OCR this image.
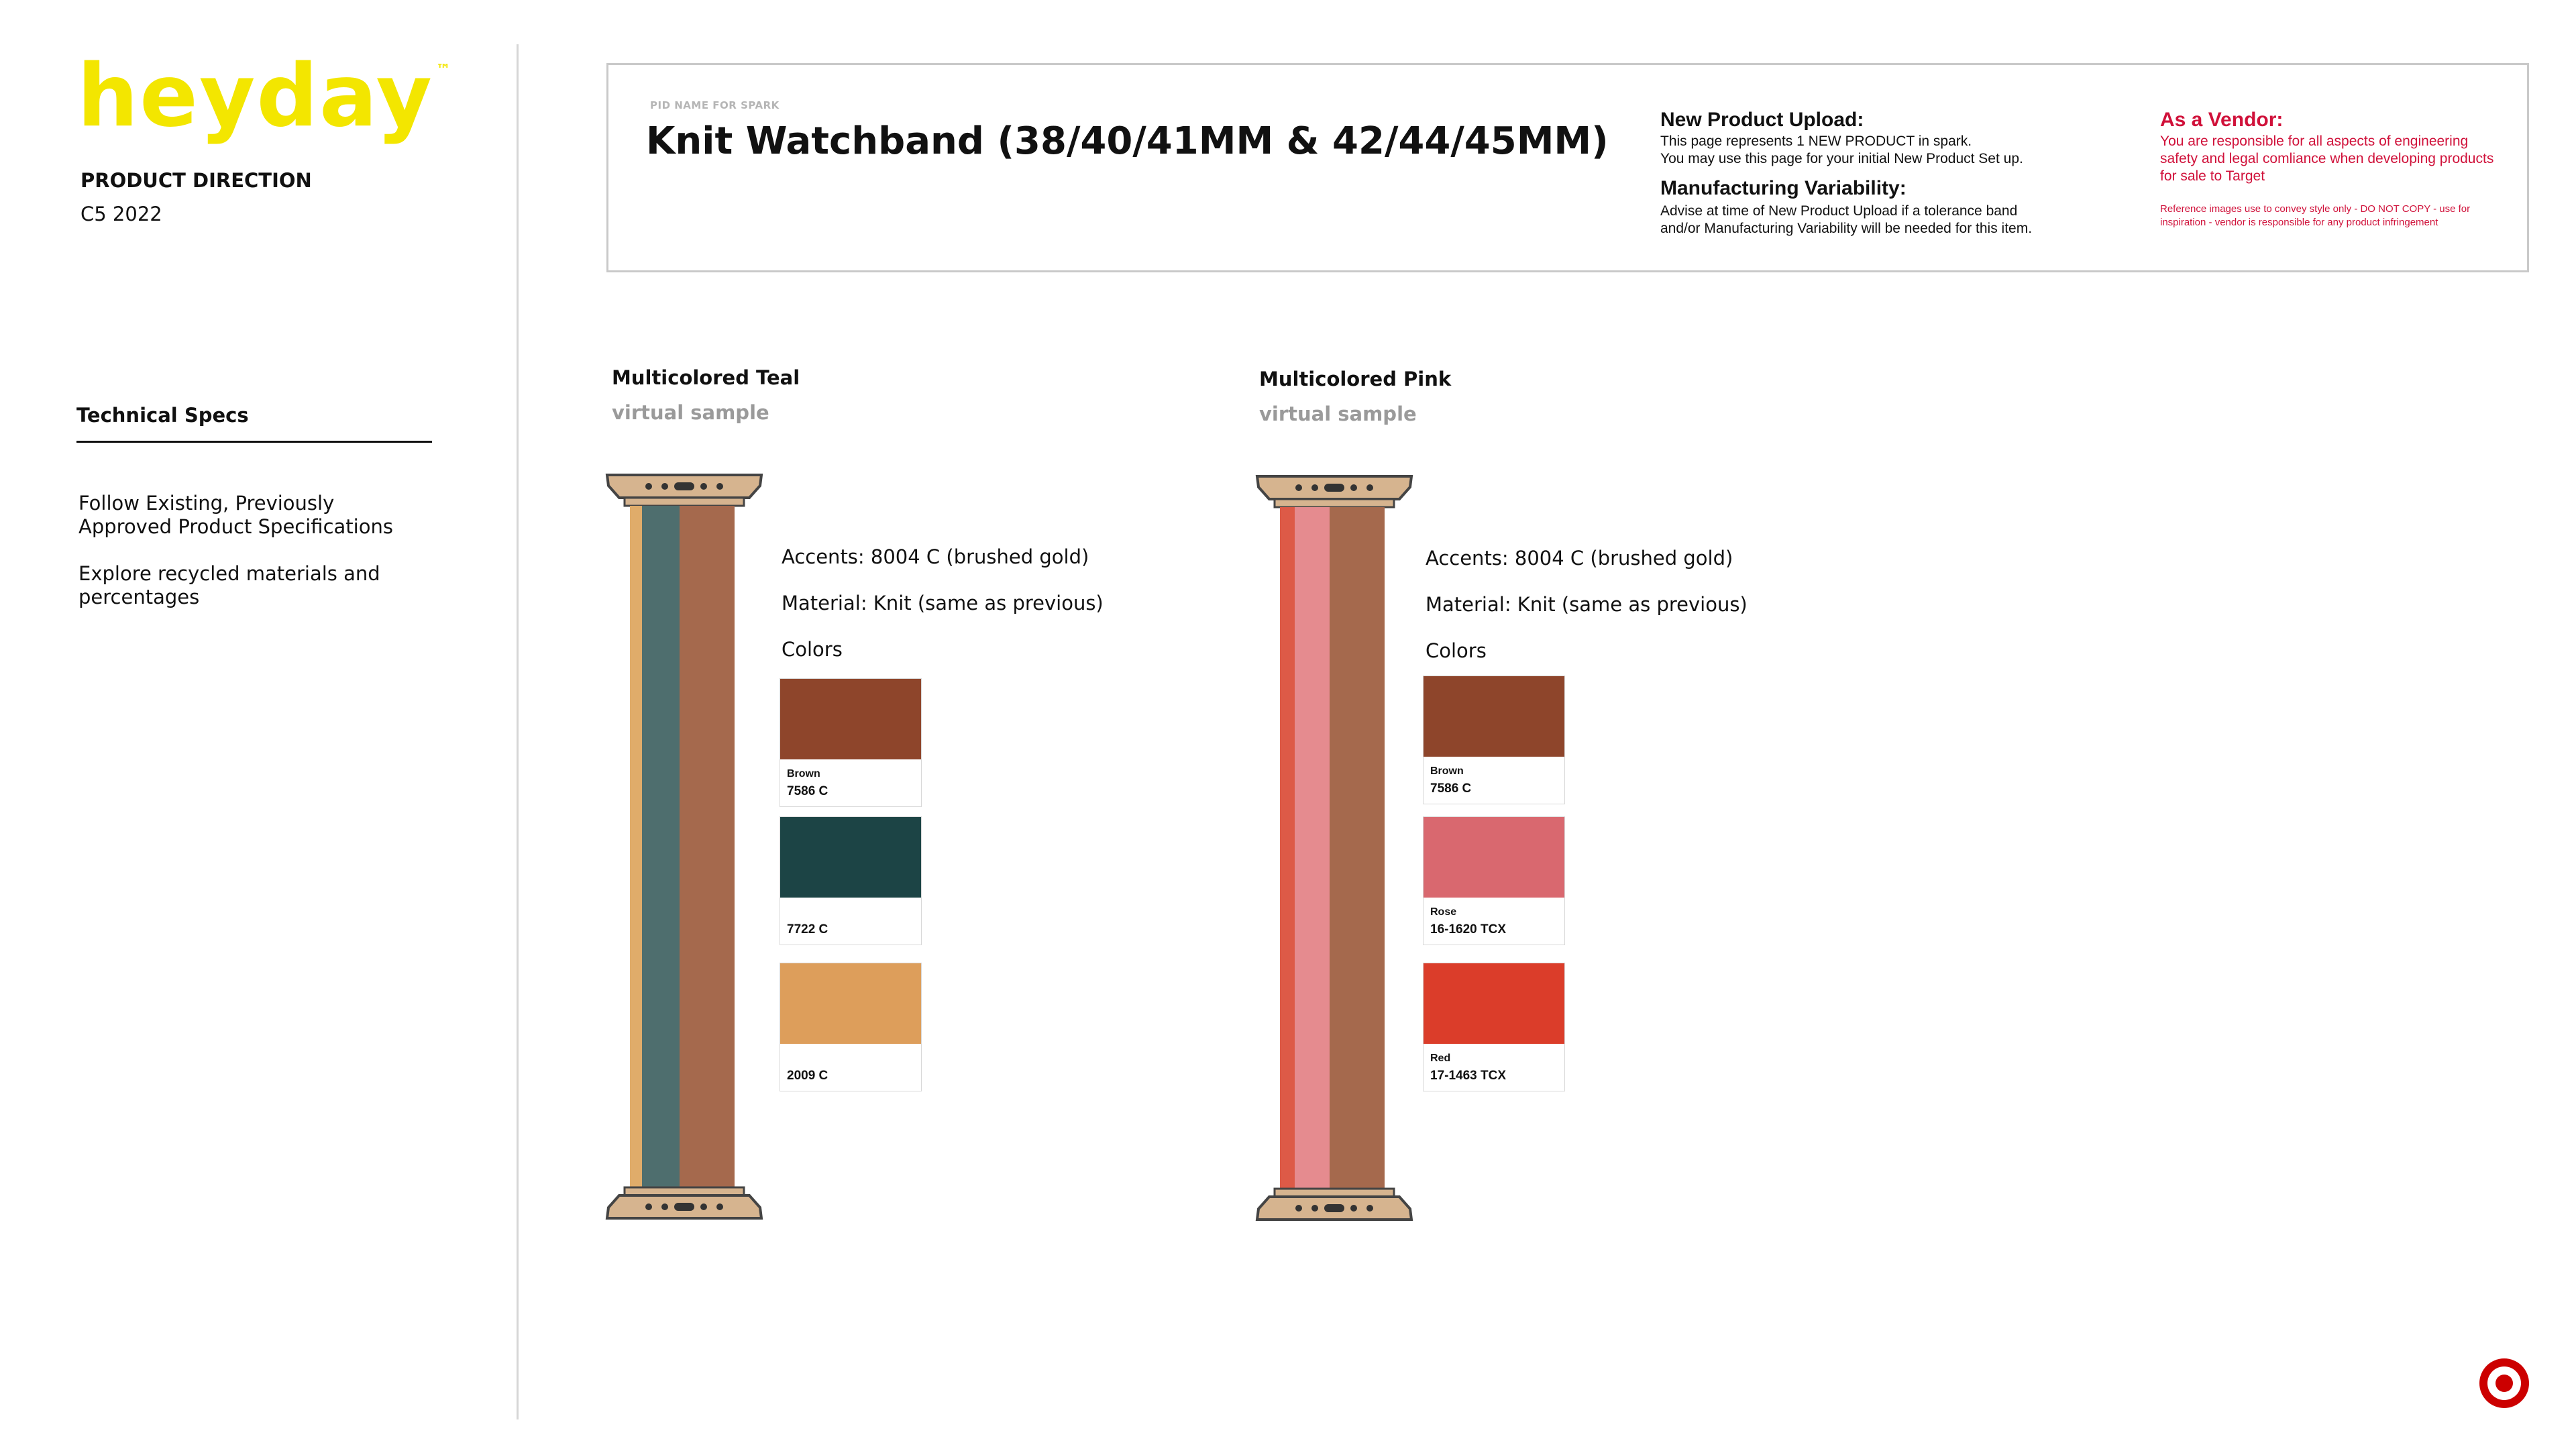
heyday ™
PRODUCT DIRECTION
C5 2022
Technical Specs
Follow Existing, Previously Approved Product Specifications
Explore recycled materials and percentages
PID NAME FOR SPARK
Knit Watchband (38/40/41MM & 42/44/45MM)	New Product Upload:
This page represents 1 NEW PRODUCT in spark.
You may use this page for your initial New Product Set up.
Manufacturing Variability:
Advise at time of New Product Upload if a tolerance band
and/or Manufacturing Variability will be needed for this item.
As a Vendor:
You are responsible for all aspects of engineering safety and legal comliance when developing products for sale to Target
Reference images use to convey style only - DO NOT COPY - use for inspiration - vendor is responsible for any product infringement
Multicolored Teal
virtual sample
Accents: 8004 C (brushed gold)
Material: Knit (same as previous)
Colors
Brown
7586 C
7722 C
2009 C
Multicolored Pink
virtual sample
Accents: 8004 C (brushed gold)
Material: Knit (same as previous)
Colors
Brown
7586 C
Rose
16-1620 TCX
Red
17-1463 TCX
